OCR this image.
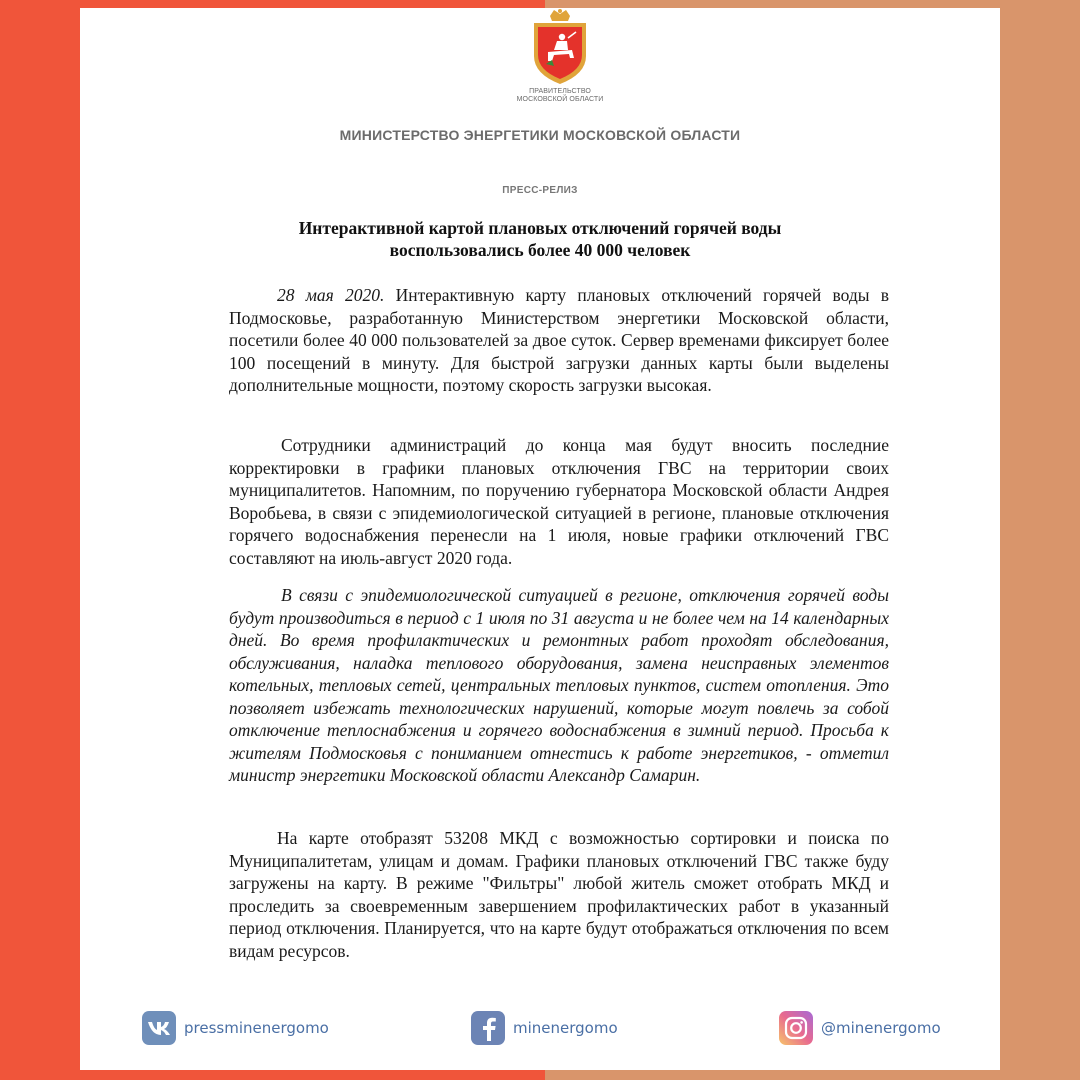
ПРАВИТЕЛЬСТВО
МОСКОВСКОЙ ОБЛАСТИ
МИНИСТЕРСТВО ЭНЕРГЕТИКИ МОСКОВСКОЙ ОБЛАСТИ
ПРЕСС-РЕЛИЗ
Интерактивной картой плановых отключений горячей воды
воспользовались более 40 000 человек
28 мая 2020. Интерактивную карту плановых отключений горячей воды в Подмосковье, разработанную Министерством энергетики Московской области, посетили более 40 000 пользователей за двое суток. Сервер временами фиксирует более 100 посещений в минуту. Для быстрой загрузки данных карты были выделены дополнительные мощности, поэтому скорость загрузки высокая.
Сотрудники администраций до конца мая будут вносить последние корректировки в графики плановых отключения ГВС на территории своих муниципалитетов. Напомним, по поручению губернатора Московской области Андрея Воробьева, в связи с эпидемиологической ситуацией в регионе, плановые отключения горячего водоснабжения перенесли на 1 июля, новые графики отключений ГВС составляют на июль-август 2020 года.
В связи с эпидемиологической ситуацией в регионе, отключения горячей воды будут производиться в период с 1 июля по 31 августа и не более чем на 14 календарных дней. Во время профилактических и ремонтных работ проходят обследования, обслуживания, наладка теплового оборудования, замена неисправных элементов котельных, тепловых сетей, центральных тепловых пунктов, систем отопления. Это позволяет избежать технологических нарушений, которые могут повлечь за собой отключение теплоснабжения и горячего водоснабжения в зимний период. Просьба к жителям Подмосковья с пониманием отнестись к работе энергетиков, - отметил министр энергетики Московской области Александр Самарин.
На карте отобразят 53208 МКД с возможностью сортировки и поиска по Муниципалитетам, улицам и домам. Графики плановых отключений ГВС также буду загружены на карту. В режиме "Фильтры" любой житель сможет отобрать МКД и проследить за своевременным завершением профилактических работ в указанный период отключения. Планируется, что на карте будут отображаться отключения по всем видам ресурсов.
pressminenergomo	minenergomo	@minenergomo
